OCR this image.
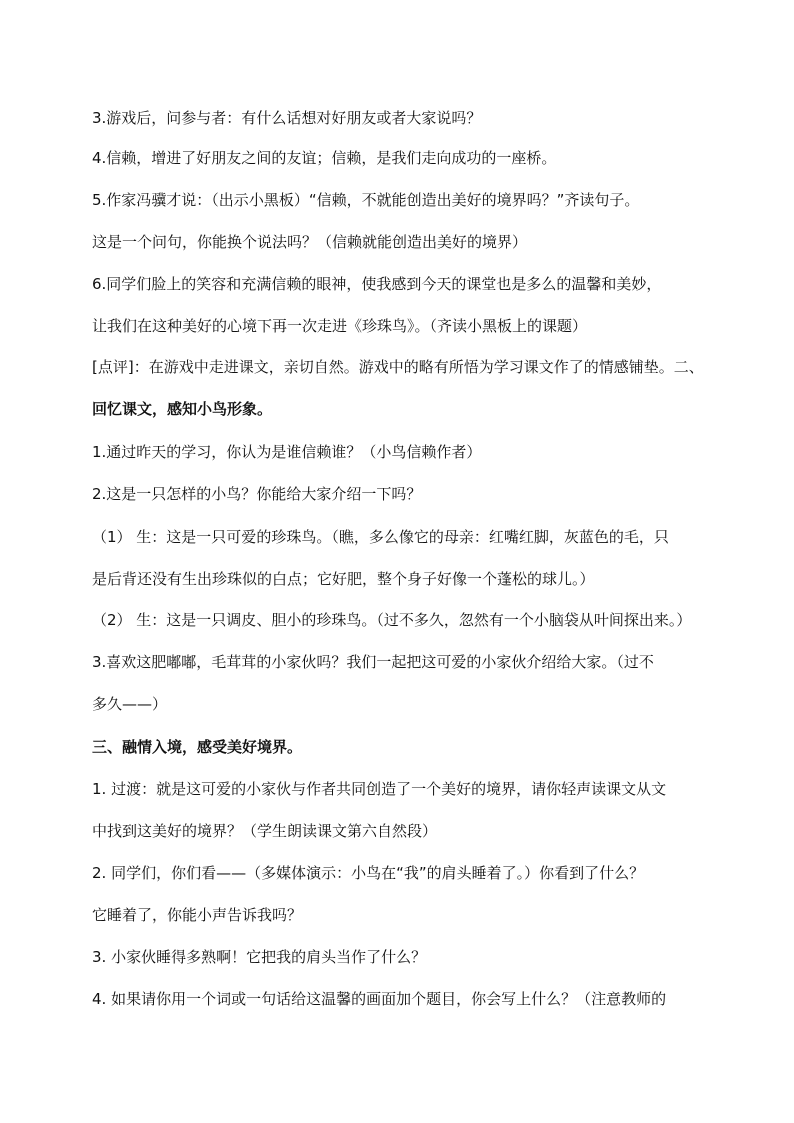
3.游戏后，问参与者：有什么话想对好朋友或者大家说吗？
4.信赖，增进了好朋友之间的友谊；信赖，是我们走向成功的一座桥。
5.作家冯骥才说：（出示小黑板）“信赖，不就能创造出美好的境界吗？”齐读句子。
这是一个问句，你能换个说法吗？（信赖就能创造出美好的境界）
6.同学们脸上的笑容和充满信赖的眼神，使我感到今天的课堂也是多么的温馨和美妙，
让我们在这种美好的心境下再一次走进《珍珠鸟》。（齐读小黑板上的课题）
[点评]：在游戏中走进课文，亲切自然。游戏中的略有所悟为学习课文作了的情感铺垫。二、
回忆课文，感知小鸟形象。
1.通过昨天的学习，你认为是谁信赖谁？（小鸟信赖作者）
2.这是一只怎样的小鸟？你能给大家介绍一下吗？
（1） 生：这是一只可爱的珍珠鸟。（瞧，多么像它的母亲：红嘴红脚，灰蓝色的毛，只
是后背还没有生出珍珠似的白点；它好肥，整个身子好像一个蓬松的球儿。）
（2） 生：这是一只调皮、胆小的珍珠鸟。（过不多久，忽然有一个小脑袋从叶间探出来。）
3.喜欢这肥嘟嘟，毛茸茸的小家伙吗？我们一起把这可爱的小家伙介绍给大家。（过不
多久——）
三、融情入境，感受美好境界。
1. 过渡：就是这可爱的小家伙与作者共同创造了一个美好的境界，请你轻声读课文从文
中找到这美好的境界？（学生朗读课文第六自然段）
2. 同学们，你们看——（多媒体演示：小鸟在“我”的肩头睡着了。）你看到了什么？
它睡着了，你能小声告诉我吗？
3. 小家伙睡得多熟啊！它把我的肩头当作了什么？
4. 如果请你用一个词或一句话给这温馨的画面加个题目，你会写上什么？（注意教师的
